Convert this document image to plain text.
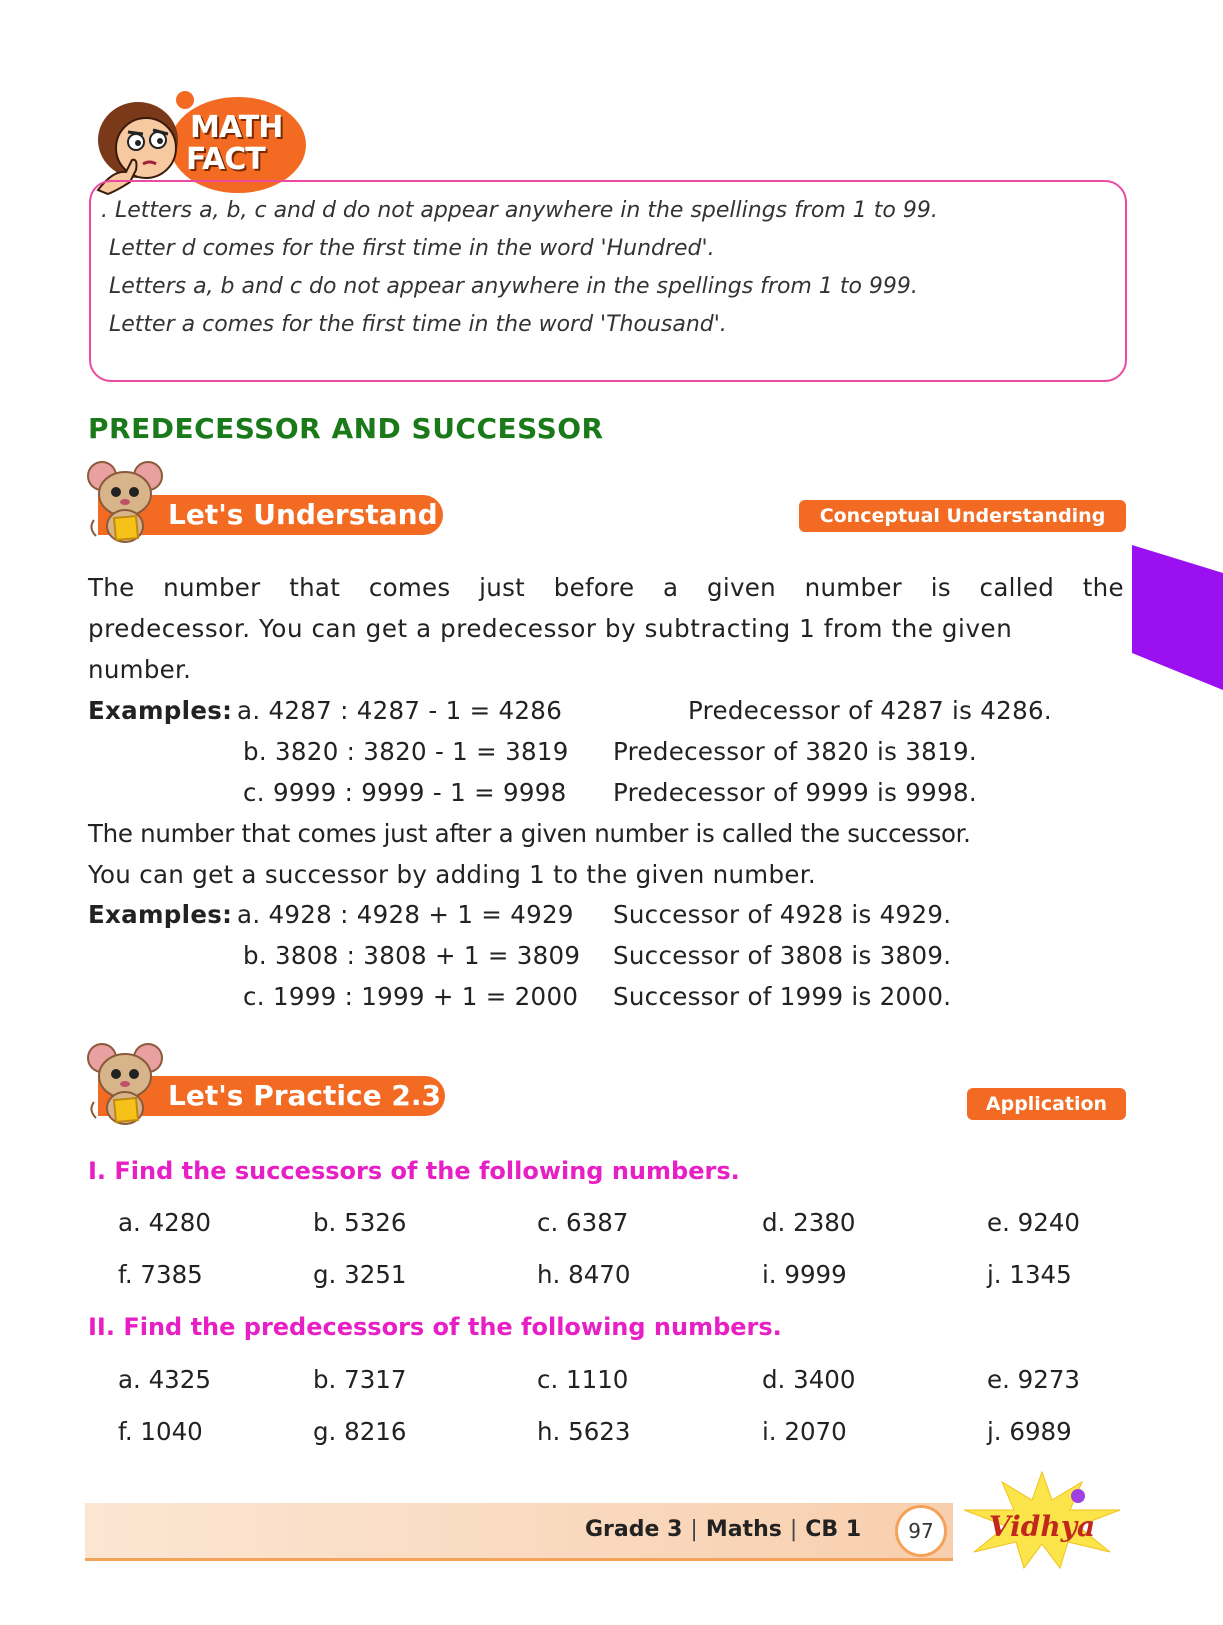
MATH
FACT
. Letters a, b, c and d do not appear anywhere in the spellings from 1 to 99.
Letter d comes for the first time in the word 'Hundred'.
Letters a, b and c do not appear anywhere in the spellings from 1 to 999.
Letter a comes for the first time in the word 'Thousand'.
PREDECESSOR AND SUCCESSOR
Let's Understand	Conceptual Understanding
The number that comes just before a given number is called the
predecessor. You can get a predecessor by subtracting 1 from the given
number.
Examples: a. 4287 : 4287 - 1 = 4286	Predecessor of 4287 is 4286.
b. 3820 : 3820 - 1 = 3819 Predecessor of 3820 is 3819.
c. 9999 : 9999 - 1 = 9998 Predecessor of 9999 is 9998.
The number that comes just after a given number is called the successor.
You can get a successor by adding 1 to the given number.
Examples: a. 4928 : 4928 + 1 = 4929 Successor of 4928 is 4929.
b. 3808 : 3808 + 1 = 3809 Successor of 3808 is 3809.
c. 1999 : 1999 + 1 = 2000 Successor of 1999 is 2000.
Let's Practice 2.3	Application
I. Find the successors of the following numbers.
a. 4280	b. 5326	c. 6387	d. 2380	e. 9240
f. 7385	g. 3251	h. 8470	i. 9999	j. 1345
II. Find the predecessors of the following numbers.
a. 4325	b. 7317	c. 1110	d. 3400	e. 9273
f. 1040	g. 8216	h. 5623	i. 2070	j. 6989
Grade 3 | Maths | CB 1	97	Vidhya
